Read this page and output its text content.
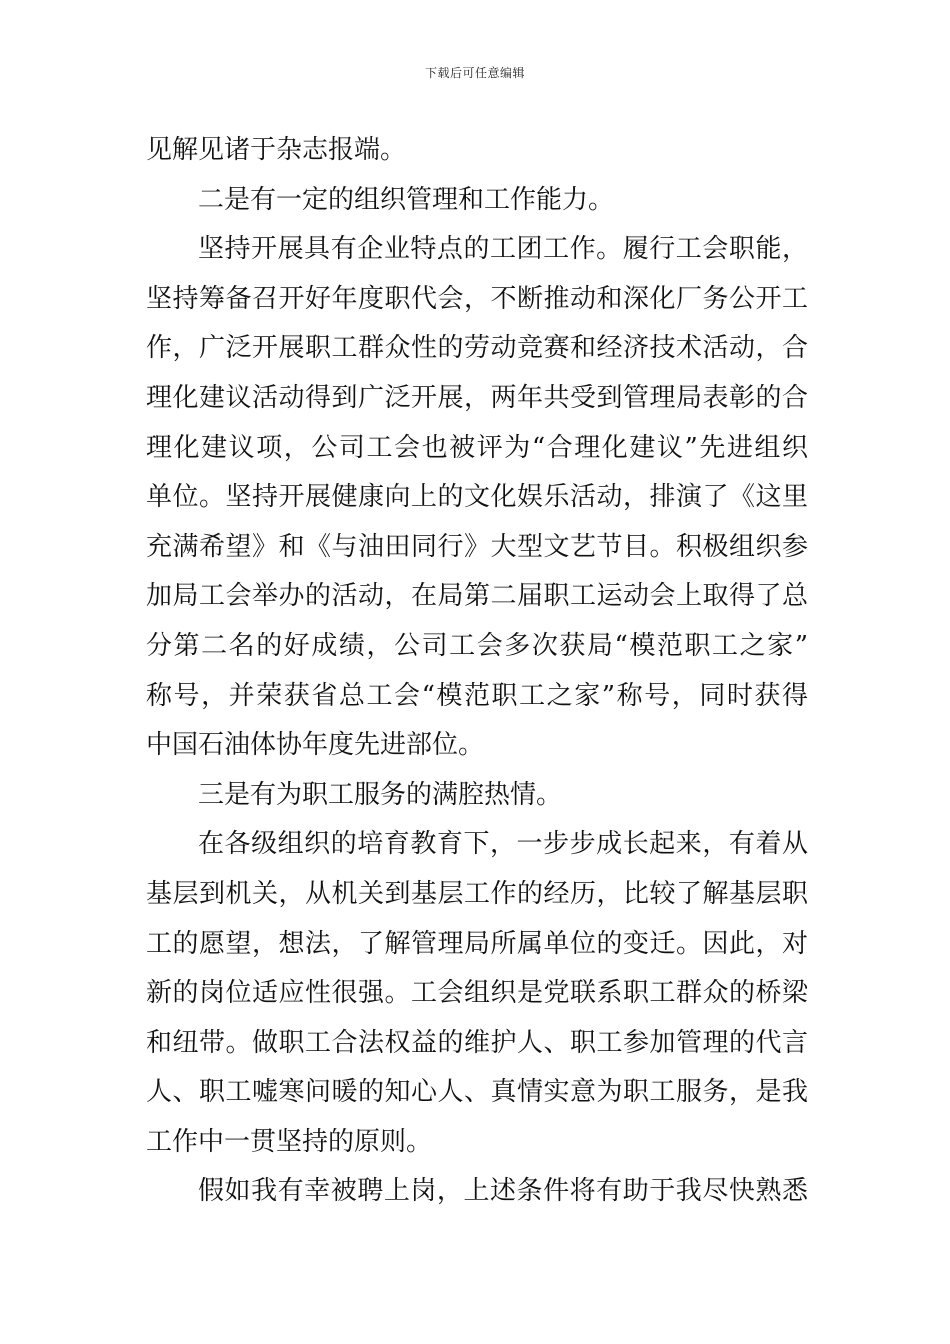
下载后可任意编辑
见解见诸于杂志报端。
二是有一定的组织管理和工作能力。
坚持开展具有企业特点的工团工作。履行工会职能，
坚持筹备召开好年度职代会，不断推动和深化厂务公开工
作，广泛开展职工群众性的劳动竞赛和经济技术活动，合
理化建议活动得到广泛开展，两年共受到管理局表彰的合
理化建议项，公司工会也被评为“合理化建议”先进组织
单位。坚持开展健康向上的文化娱乐活动，排演了《这里
充满希望》和《与油田同行》大型文艺节目。积极组织参
加局工会举办的活动，在局第二届职工运动会上取得了总
分第二名的好成绩，公司工会多次获局“模范职工之家”
称号，并荣获省总工会“模范职工之家”称号，同时获得
中国石油体协年度先进部位。
三是有为职工服务的满腔热情。
在各级组织的培育教育下，一步步成长起来，有着从
基层到机关，从机关到基层工作的经历，比较了解基层职
工的愿望，想法，了解管理局所属单位的变迁。因此，对
新的岗位适应性很强。工会组织是党联系职工群众的桥梁
和纽带。做职工合法权益的维护人、职工参加管理的代言
人、职工嘘寒问暖的知心人、真情实意为职工服务，是我
工作中一贯坚持的原则。
假如我有幸被聘上岗，上述条件将有助于我尽快熟悉
